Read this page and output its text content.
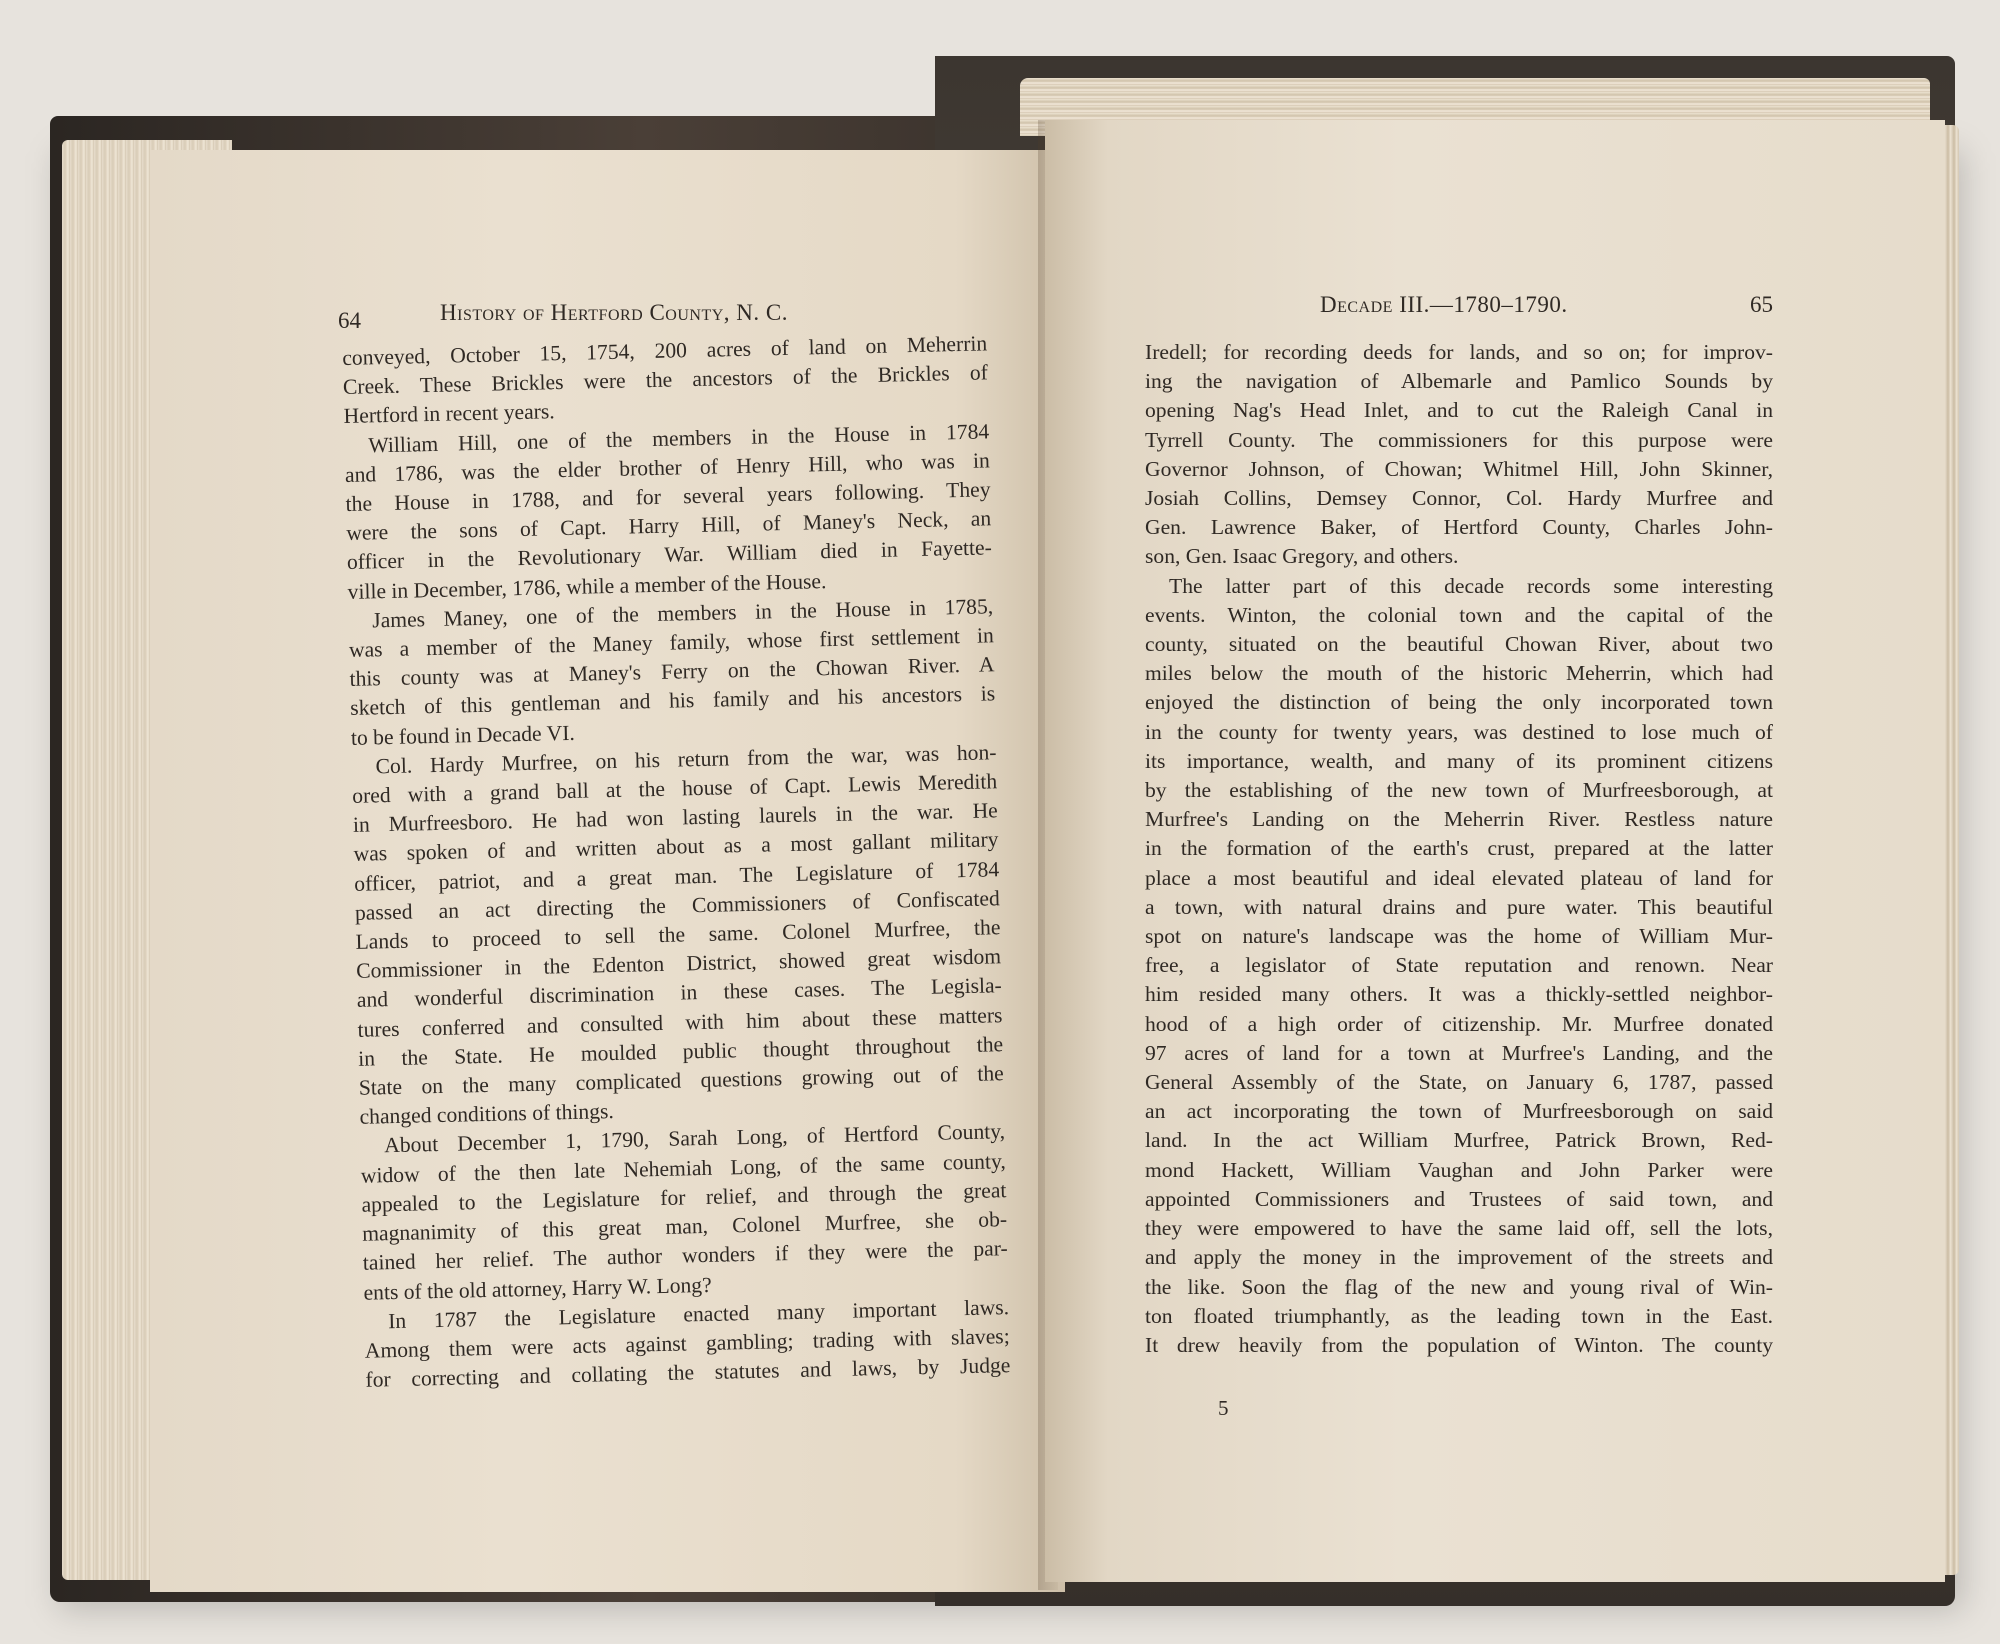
64	History of Hertford County, N. C.
conveyed, October 15, 1754, 200 acres of land on Meherrin
Creek. These Brickles were the ancestors of the Brickles of
Hertford in recent years.
William Hill, one of the members in the House in 1784
and 1786, was the elder brother of Henry Hill, who was in
the House in 1788, and for several years following. They
were the sons of Capt. Harry Hill, of Maney's Neck, an
officer in the Revolutionary War. William died in Fayette-
ville in December, 1786, while a member of the House.
James Maney, one of the members in the House in 1785,
was a member of the Maney family, whose first settlement in
this county was at Maney's Ferry on the Chowan River. A
sketch of this gentleman and his family and his ancestors is
to be found in Decade VI.
Col. Hardy Murfree, on his return from the war, was hon-
ored with a grand ball at the house of Capt. Lewis Meredith
in Murfreesboro. He had won lasting laurels in the war. He
was spoken of and written about as a most gallant military
officer, patriot, and a great man. The Legislature of 1784
passed an act directing the Commissioners of Confiscated
Lands to proceed to sell the same. Colonel Murfree, the
Commissioner in the Edenton District, showed great wisdom
and wonderful discrimination in these cases. The Legisla-
tures conferred and consulted with him about these matters
in the State. He moulded public thought throughout the
State on the many complicated questions growing out of the
changed conditions of things.
About December 1, 1790, Sarah Long, of Hertford County,
widow of the then late Nehemiah Long, of the same county,
appealed to the Legislature for relief, and through the great
magnanimity of this great man, Colonel Murfree, she ob-
tained her relief. The author wonders if they were the par-
ents of the old attorney, Harry W. Long?
In 1787 the Legislature enacted many important laws.
Among them were acts against gambling; trading with slaves;
for correcting and collating the statutes and laws, by Judge
Decade III.—1780–1790.	65
Iredell; for recording deeds for lands, and so on; for improv-
ing the navigation of Albemarle and Pamlico Sounds by
opening Nag's Head Inlet, and to cut the Raleigh Canal in
Tyrrell County. The commissioners for this purpose were
Governor Johnson, of Chowan; Whitmel Hill, John Skinner,
Josiah Collins, Demsey Connor, Col. Hardy Murfree and
Gen. Lawrence Baker, of Hertford County, Charles John-
son, Gen. Isaac Gregory, and others.
The latter part of this decade records some interesting
events. Winton, the colonial town and the capital of the
county, situated on the beautiful Chowan River, about two
miles below the mouth of the historic Meherrin, which had
enjoyed the distinction of being the only incorporated town
in the county for twenty years, was destined to lose much of
its importance, wealth, and many of its prominent citizens
by the establishing of the new town of Murfreesborough, at
Murfree's Landing on the Meherrin River. Restless nature
in the formation of the earth's crust, prepared at the latter
place a most beautiful and ideal elevated plateau of land for
a town, with natural drains and pure water. This beautiful
spot on nature's landscape was the home of William Mur-
free, a legislator of State reputation and renown. Near
him resided many others. It was a thickly-settled neighbor-
hood of a high order of citizenship. Mr. Murfree donated
97 acres of land for a town at Murfree's Landing, and the
General Assembly of the State, on January 6, 1787, passed
an act incorporating the town of Murfreesborough on said
land. In the act William Murfree, Patrick Brown, Red-
mond Hackett, William Vaughan and John Parker were
appointed Commissioners and Trustees of said town, and
they were empowered to have the same laid off, sell the lots,
and apply the money in the improvement of the streets and
the like. Soon the flag of the new and young rival of Win-
ton floated triumphantly, as the leading town in the East.
It drew heavily from the population of Winton. The county
5
